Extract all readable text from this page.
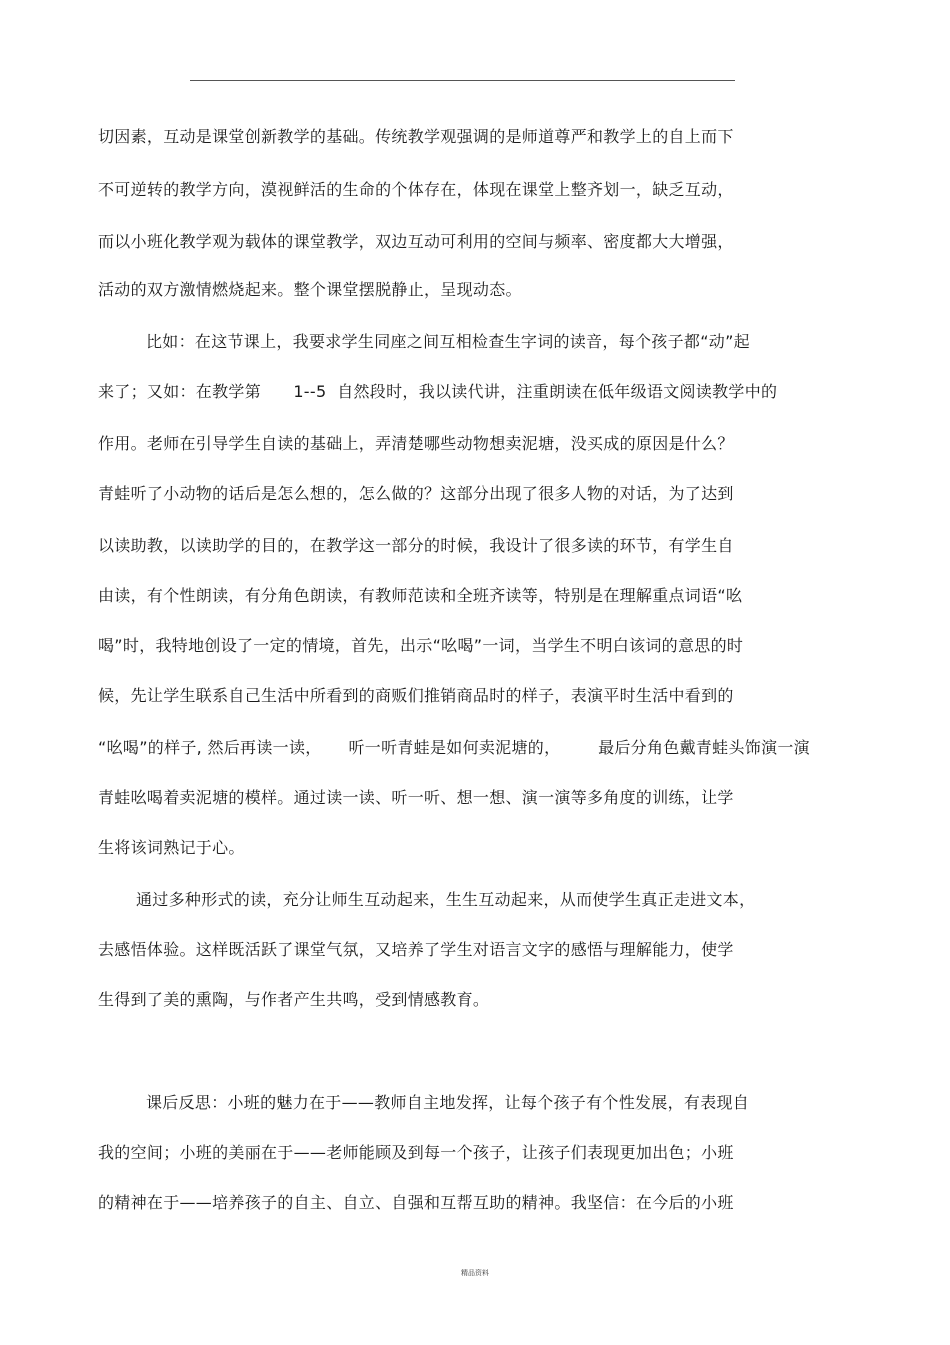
切因素，互动是课堂创新教学的基础。传统教学观强调的是师道尊严和教学上的自上而下
不可逆转的教学方向，漠视鲜活的生命的个体存在，体现在课堂上整齐划一，缺乏互动，
而以小班化教学观为载体的课堂教学，双边互动可利用的空间与频率、密度都大大增强，
活动的双方激情燃烧起来。整个课堂摆脱静止，呈现动态。
比如：在这节课上，我要求学生同座之间互相检查生字词的读音，每个孩子都“动”起
来了；又如：在教学第      1--5  自然段时，我以读代讲，注重朗读在低年级语文阅读教学中的
作用。老师在引导学生自读的基础上，弄清楚哪些动物想卖泥塘，没买成的原因是什么？
青蛙听了小动物的话后是怎么想的，怎么做的？这部分出现了很多人物的对话，为了达到
以读助教，以读助学的目的，在教学这一部分的时候，我设计了很多读的环节，有学生自
由读，有个性朗读，有分角色朗读，有教师范读和全班齐读等，特别是在理解重点词语“吆
喝”时，我特地创设了一定的情境，首先，出示“吆喝”一词，当学生不明白该词的意思的时
候，先让学生联系自己生活中所看到的商贩们推销商品时的样子，表演平时生活中看到的
“吆喝”的样子, 然后再读一读，     听一听青蛙是如何卖泥塘的，       最后分角色戴青蛙头饰演一演
青蛙吆喝着卖泥塘的模样。通过读一读、听一听、想一想、演一演等多角度的训练，让学
生将该词熟记于心。
通过多种形式的读，充分让师生互动起来，生生互动起来，从而使学生真正走进文本，
去感悟体验。这样既活跃了课堂气氛，又培养了学生对语言文字的感悟与理解能力，使学
生得到了美的熏陶，与作者产生共鸣，受到情感教育。
课后反思：小班的魅力在于——教师自主地发挥，让每个孩子有个性发展，有表现自
我的空间；小班的美丽在于——老师能顾及到每一个孩子，让孩子们表现更加出色；小班
的精神在于——培养孩子的自主、自立、自强和互帮互助的精神。我坚信：在今后的小班
精品资料
